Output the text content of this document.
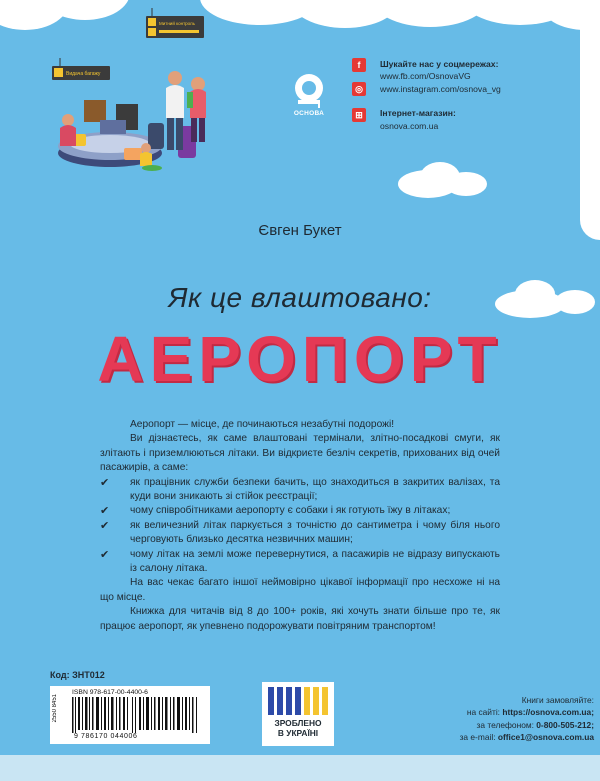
Митний контроль
Видача багажу
ОСНОВА
f	Шукайте нас у соцмережах:
www.fb.com/OsnovaVG
◎	www.instagram.com/osnova_vg
⊞	Інтернет-магазин:
osnova.com.ua
Євген Букет
Як це влаштовано:
АЕРОПОРТ

Аеропорт — місце, де починаються незабутні подорожі!

Ви дізнаєтесь, як саме влаштовані термінали, злітно-посадкові смуги, як злітають і приземлюються літаки. Ви відкриєте безліч секретів, прихованих від очей пасажирів, а саме:

✔ як працівник служби безпеки бачить, що знаходиться в закритих валізах, та куди вони зникають зі стійок реєстрації;
✔ чому співробітниками аеропорту є собаки і як готують їжу в літаках;
✔ як величезний літак паркується з точністю до сантиметра і чому біля нього черговують близько десятка незвичних машин;
✔ чому літак на землі може перевернутися, а пасажирів не відразу випускають із салону літака.

На вас чекає багато іншої неймовірно цікавої інформації про несхоже ні на що місце.

Книжка для читачів від 8 до 100+ років, які хочуть знати більше про те, як працює аеропорт, як упевнено подорожувати повітряним транспортом!

Код: ЗНТ012
ISBN 978-617-00-4400-6
2550 8451
9 786170 044006
ЗРОБЛЕНО
В УКРАЇНІ
Книги замовляйте:
на сайті: https://osnova.com.ua;
за телефоном: 0-800-505-212;
за e-mail: office1@osnova.com.ua
